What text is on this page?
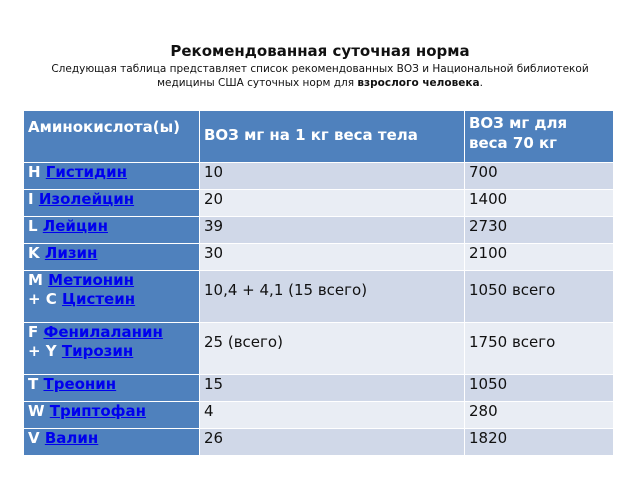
Рекомендованная суточная норма
Следующая таблица представляет список рекомендованных ВОЗ и Национальной библиотекой медицины США суточных норм для взрослого человека.
Аминокислота(ы)	ВОЗ мг на 1 кг веса тела	ВОЗ мг для веса 70 кг
H Гистидин	10	700
I Изолейцин	20	1400
L Лейцин	39	2730
K Лизин	30	2100
M Метионин
+ C Цистеин	10,4 + 4,1 (15 всего)	1050 всего
F Фенилаланин
+ Y Тирозин	25 (всего)	1750 всего
T Треонин	15	1050
W Триптофан	4	280
V Валин	26	1820
